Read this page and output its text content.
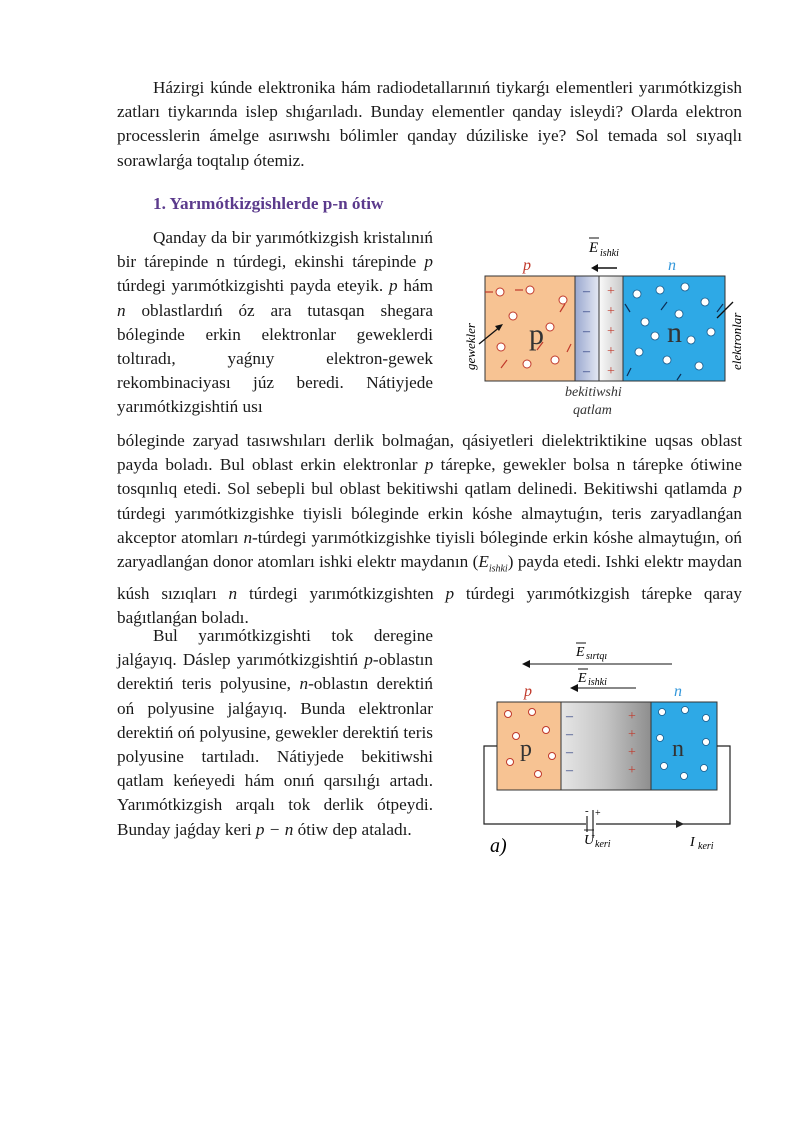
Házirgi kúnde elektronika hám radiodetallarınıń tiykarǵı elementleri yarımótkizgish zatları tiykarında islep shıǵarıladı. Bunday elementler qanday isleydi? Olarda elektron processlerin ámelge asırıwshı bólimler qanday dúziliske iye? Sol temada sol sıyaqlı sorawlarǵa toqtalıp ótemiz.

1. Yarımótkizgishlerde p-n ótiw

Qanday da bir yarımótkizgish kristalınıń bir tárepinde n túrdegi, ekinshi tárepinde p túrdegi yarımótkizgishti payda eteyik. p hám n oblastlardıń óz ara tutasqan shegara bóleginde erkin elektronlar geweklerdi toltıradı, yaǵnıy elektron-gewek rekombinaciyası júz beredi. Nátiyjede yarımótkizgishtiń usı

bóleginde zaryad tasıwshıları derlik bolmaǵan, qásiyetleri dielektriktikine uqsas oblast payda boladı. Bul oblast erkin elektronlar p tárepke, gewekler bolsa n tárepke ótiwine tosqınlıq etedi. Sol sebepli bul oblast bekitiwshi qatlam delinedi. Bekitiwshi qatlamda p túrdegi yarımótkizgishke tiyisli bóleginde erkin kóshe almaytuǵın, teris zaryadlanǵan akceptor atomları n-túrdegi yarımótkizgishke tiyisli bóleginde erkin kóshe almaytuǵın, oń zaryadlanǵan donor atomları ishki elektr maydanın $(E_{ishki})$ payda etedi. Ishki elektr maydan kúsh sızıqları n túrdegi yarımótkizgishten p túrdegi yarımótkizgish tárepke qaray baǵıtlanǵan boladı.

Bul yarımótkizgishti tok deregine jalǵayıq. Dáslep yarımótkizgishtiń p-oblastın derektiń teris polyusine, n-oblastın derektiń oń polyusine jalǵayıq. Bunda elektronlar derektiń oń polyusine, gewekler derektiń teris polyusine tartıladı. Nátiyjede bekitiwshi qatlam keńeyedi hám onıń qarsılıǵı artadı. Yarımótkizgish arqalı tok derlik ótpeydi. Bunday jaǵday keri p − n ótiw dep ataladı.

E ishki
p	n
–
–
–
–
–
+
+
+
+
+
p	n
gewekler	elektronlar
bekitiwshi
qatlam
E sırtqı
E ishki
p	n
–
–
–
–
+
+
+
+
p	n
- +
a)	U keri	I keri
